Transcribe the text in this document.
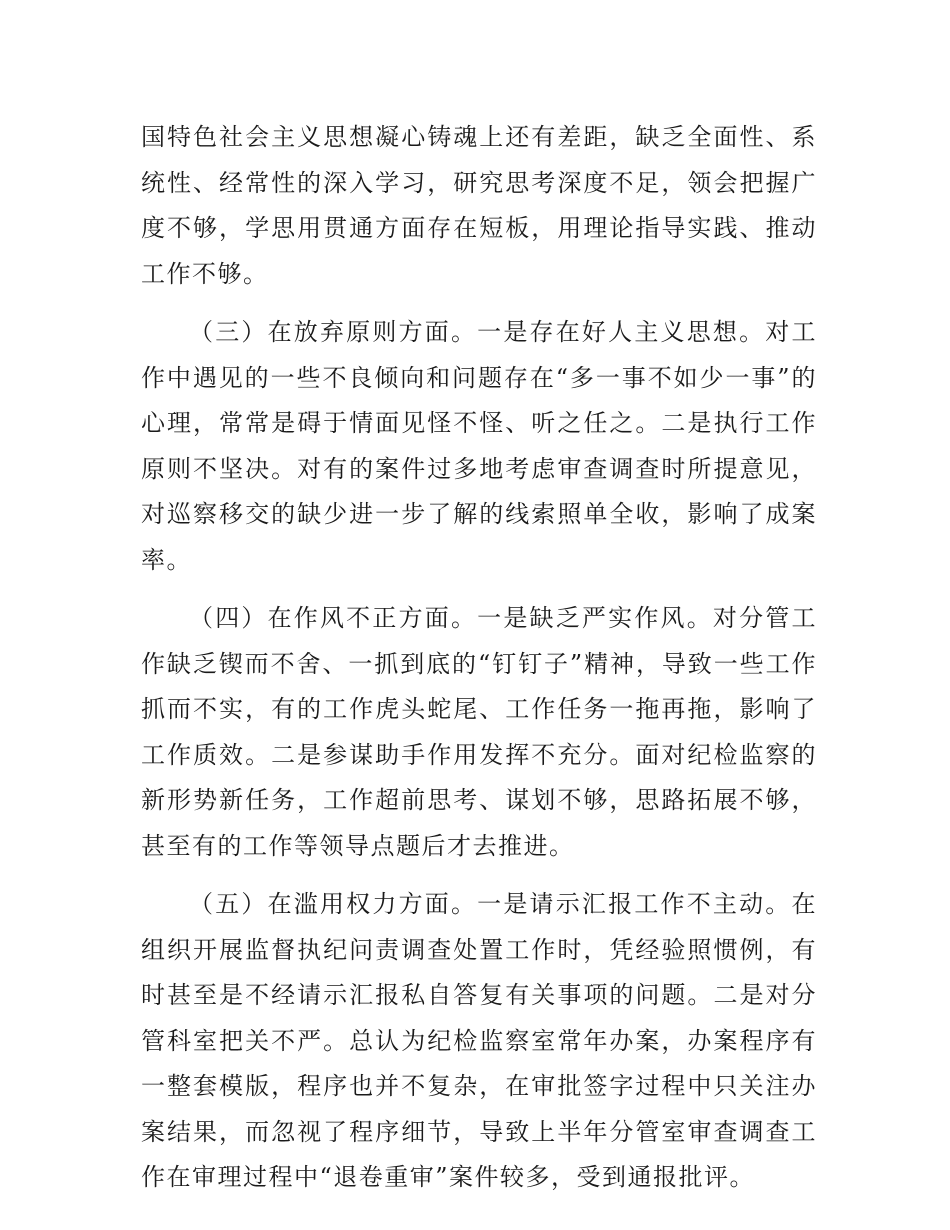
国特色社会主义思想凝心铸魂上还有差距，缺乏全面性、系统性、经常性的深入学习，研究思考深度不足，领会把握广度不够，学思用贯通方面存在短板，用理论指导实践、推动工作不够。

（三）在放弃原则方面。一是存在好人主义思想。对工作中遇见的一些不良倾向和问题存在“多一事不如少一事”的心理，常常是碍于情面见怪不怪、听之任之。二是执行工作原则不坚决。对有的案件过多地考虑审查调查时所提意见，对巡察移交的缺少进一步了解的线索照单全收，影响了成案率。

（四）在作风不正方面。一是缺乏严实作风。对分管工作缺乏锲而不舍、一抓到底的“钉钉子”精神，导致一些工作抓而不实，有的工作虎头蛇尾、工作任务一拖再拖，影响了工作质效。二是参谋助手作用发挥不充分。面对纪检监察的新形势新任务，工作超前思考、谋划不够，思路拓展不够，甚至有的工作等领导点题后才去推进。

（五）在滥用权力方面。一是请示汇报工作不主动。在组织开展监督执纪问责调查处置工作时，凭经验照惯例，有时甚至是不经请示汇报私自答复有关事项的问题。二是对分管科室把关不严。总认为纪检监察室常年办案，办案程序有一整套模版，程序也并不复杂，在审批签字过程中只关注办案结果，而忽视了程序细节，导致上半年分管室审查调查工作在审理过程中“退卷重审”案件较多，受到通报批评。
